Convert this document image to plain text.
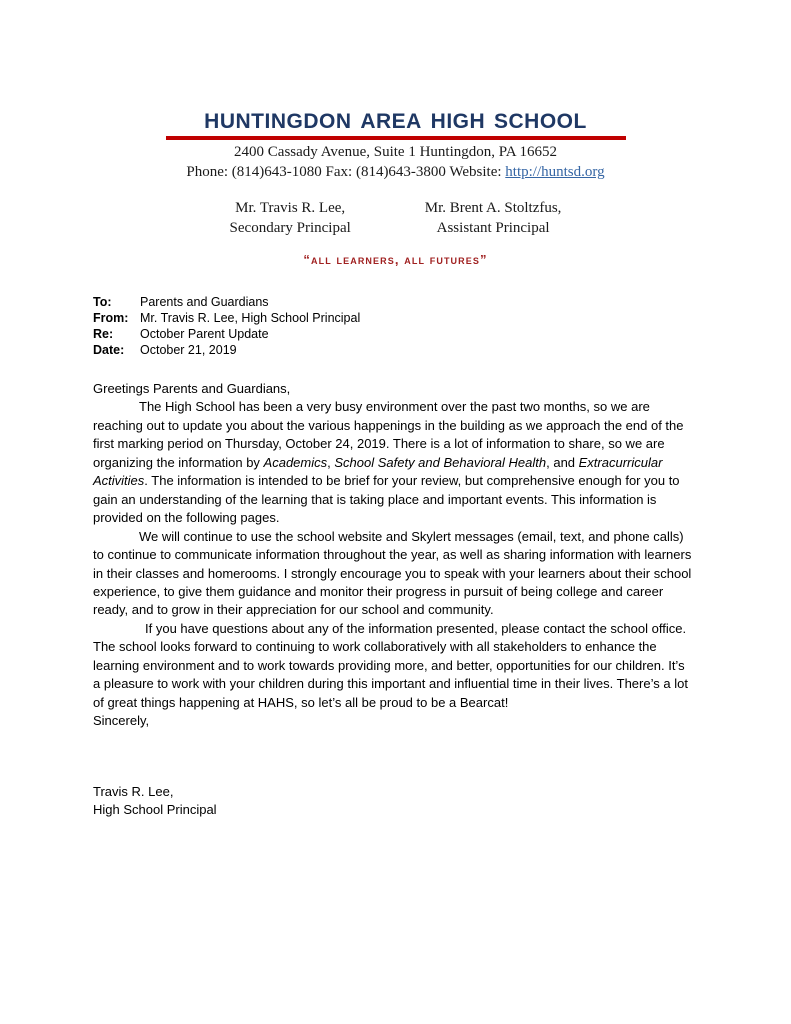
huntingdon area high school
2400 Cassady Avenue, Suite 1 Huntingdon, PA 16652
Phone: (814)643-1080 Fax: (814)643-3800 Website: http://huntsd.org
Mr. Travis R. Lee,
Secondary Principal
Mr. Brent A. Stoltzfus,
Assistant Principal
“all learners, all futures”
To:	Parents and Guardians
From: Mr. Travis R. Lee, High School Principal
Re:	October Parent Update
Date:	October 21, 2019

Greetings Parents and Guardians,

The High School has been a very busy environment over the past two months, so we are reaching out to update you about the various happenings in the building as we approach the end of the first marking period on Thursday, October 24, 2019. There is a lot of information to share, so we are organizing the information by Academics, School Safety and Behavioral Health, and Extracurricular Activities. The information is intended to be brief for your review, but comprehensive enough for you to gain an understanding of the learning that is taking place and important events. This information is provided on the following pages.

We will continue to use the school website and Skylert messages (email, text, and phone calls) to continue to communicate information throughout the year, as well as sharing information with learners in their classes and homerooms. I strongly encourage you to speak with your learners about their school experience, to give them guidance and monitor their progress in pursuit of being college and career ready, and to grow in their appreciation for our school and community.

If you have questions about any of the information presented, please contact the school office. The school looks forward to continuing to work collaboratively with all stakeholders to enhance the learning environment and to work towards providing more, and better, opportunities for our children. It’s a pleasure to work with your children during this important and influential time in their lives. There’s a lot of great things happening at HAHS, so let’s all be proud to be a Bearcat!

Sincerely,

Travis R. Lee,
High School Principal
